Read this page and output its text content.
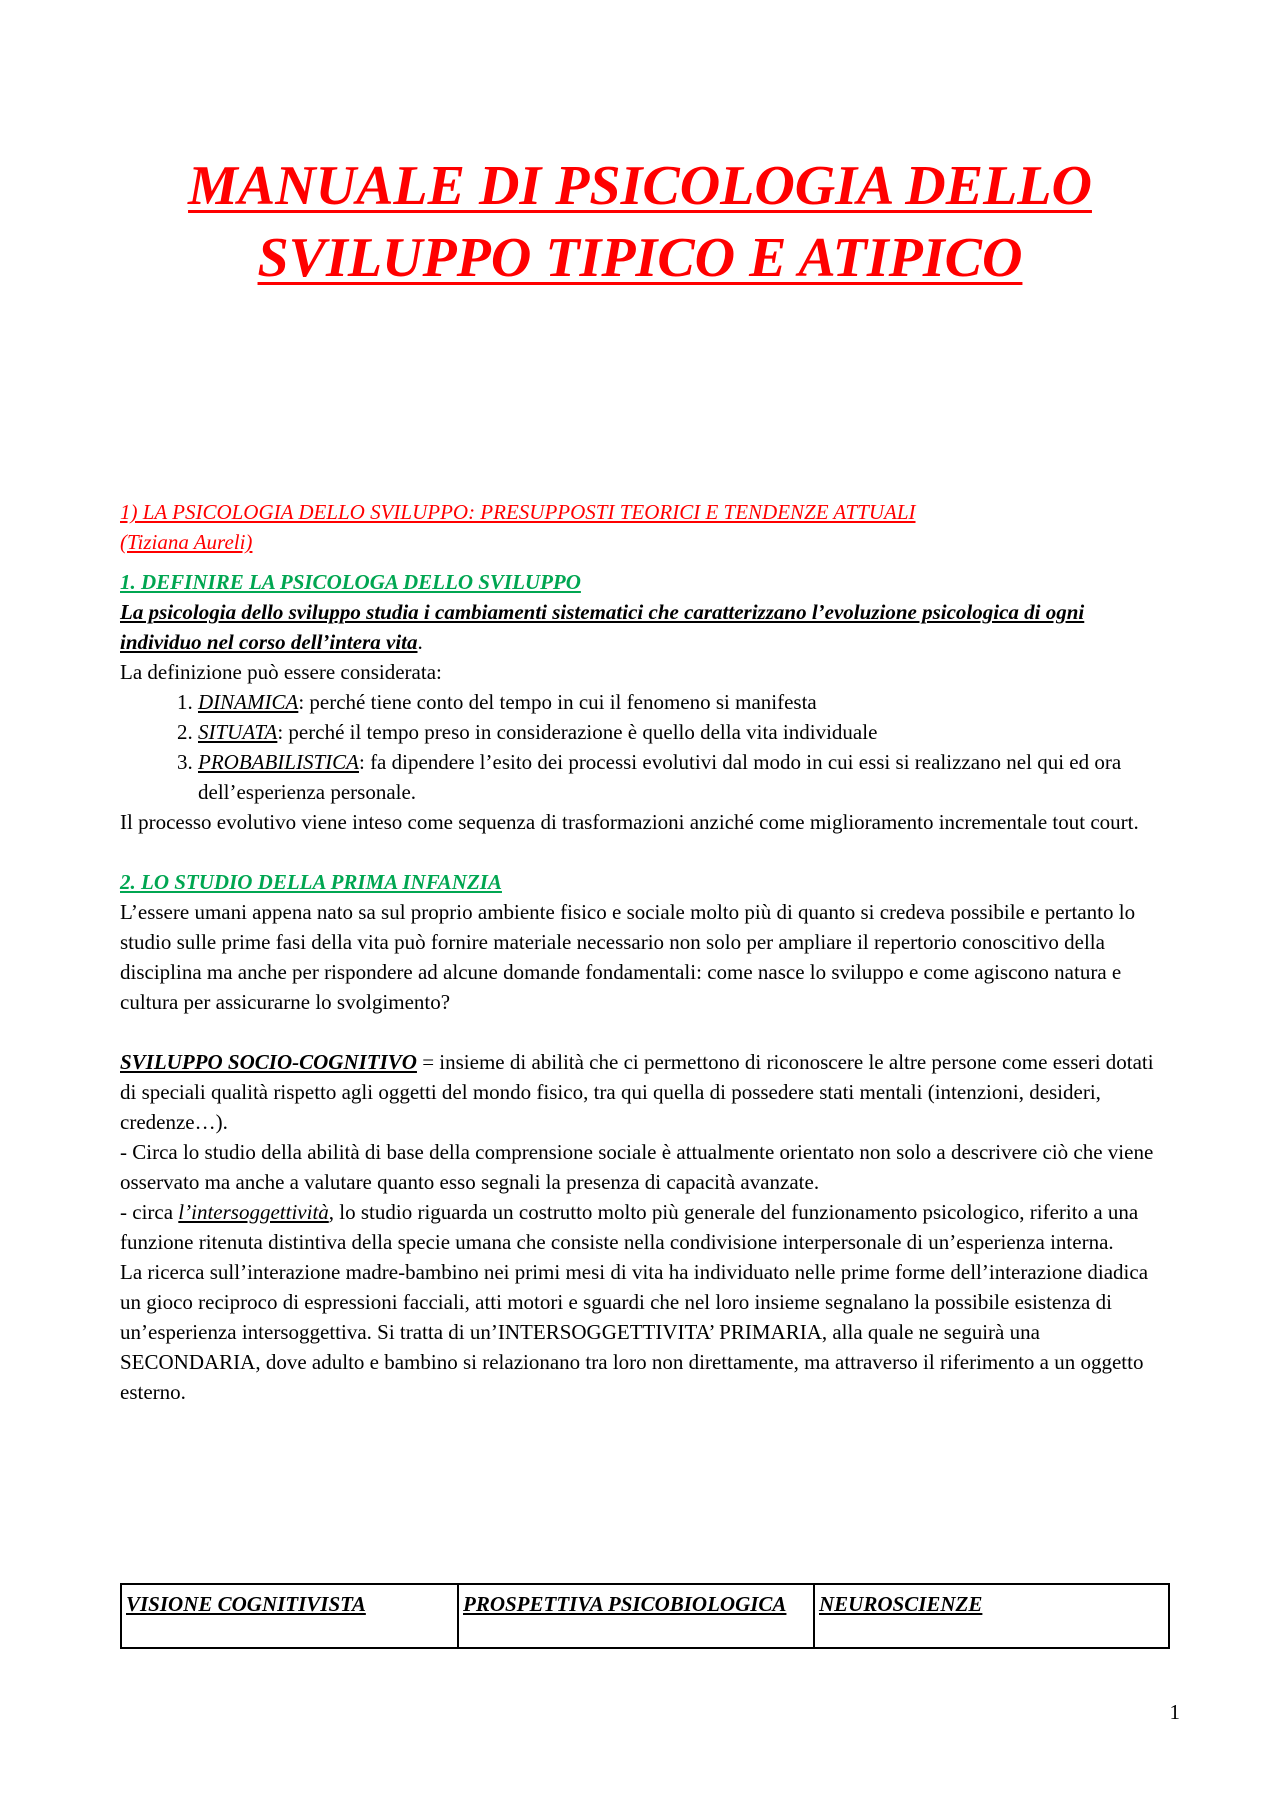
MANUALE DI PSICOLOGIA DELLO SVILUPPO TIPICO E ATIPICO

1) LA PSICOLOGIA DELLO SVILUPPO: PRESUPPOSTI TEORICI E TENDENZE ATTUALI

(Tiziana Aureli)

1. DEFINIRE LA PSICOLOGA DELLO SVILUPPO

La psicologia dello sviluppo studia i cambiamenti sistematici che caratterizzano l’evoluzione psicologica di ogni individuo nel corso dell’intera vita.

La definizione può essere considerata:

1. DINAMICA: perché tiene conto del tempo in cui il fenomeno si manifesta
2. SITUATA: perché il tempo preso in considerazione è quello della vita individuale
3. PROBABILISTICA: fa dipendere l’esito dei processi evolutivi dal modo in cui essi si realizzano nel qui ed ora dell’esperienza personale.

Il processo evolutivo viene inteso come sequenza di trasformazioni anziché come miglioramento incrementale tout court.

2. LO STUDIO DELLA PRIMA INFANZIA

L’essere umani appena nato sa sul proprio ambiente fisico e sociale molto più di quanto si credeva possibile e pertanto lo studio sulle prime fasi della vita può fornire materiale necessario non solo per ampliare il repertorio conoscitivo della disciplina ma anche per rispondere ad alcune domande fondamentali: come nasce lo sviluppo e come agiscono natura e cultura per assicurarne lo svolgimento?

SVILUPPO SOCIO-COGNITIVO = insieme di abilità che ci permettono di riconoscere le altre persone come esseri dotati di speciali qualità rispetto agli oggetti del mondo fisico, tra qui quella di possedere stati mentali (intenzioni, desideri, credenze…).

- Circa lo studio della abilità di base della comprensione sociale è attualmente orientato non solo a descrivere ciò che viene osservato ma anche a valutare quanto esso segnali la presenza di capacità avanzate.

- circa l’intersoggettività, lo studio riguarda un costrutto molto più generale del funzionamento psicologico, riferito a una funzione ritenuta distintiva della specie umana che consiste nella condivisione interpersonale di un’esperienza interna.

La ricerca sull’interazione madre-bambino nei primi mesi di vita ha individuato nelle prime forme dell’interazione diadica un gioco reciproco di espressioni facciali, atti motori e sguardi che nel loro insieme segnalano la possibile esistenza di un’esperienza intersoggettiva. Si tratta di un’INTERSOGGETTIVITA’ PRIMARIA, alla quale ne seguirà una SECONDARIA, dove adulto e bambino si relazionano tra loro non direttamente, ma attraverso il riferimento a un oggetto esterno.

VISIONE COGNITIVISTA	PROSPETTIVA PSICOBIOLOGICA	NEUROSCIENZE
1
